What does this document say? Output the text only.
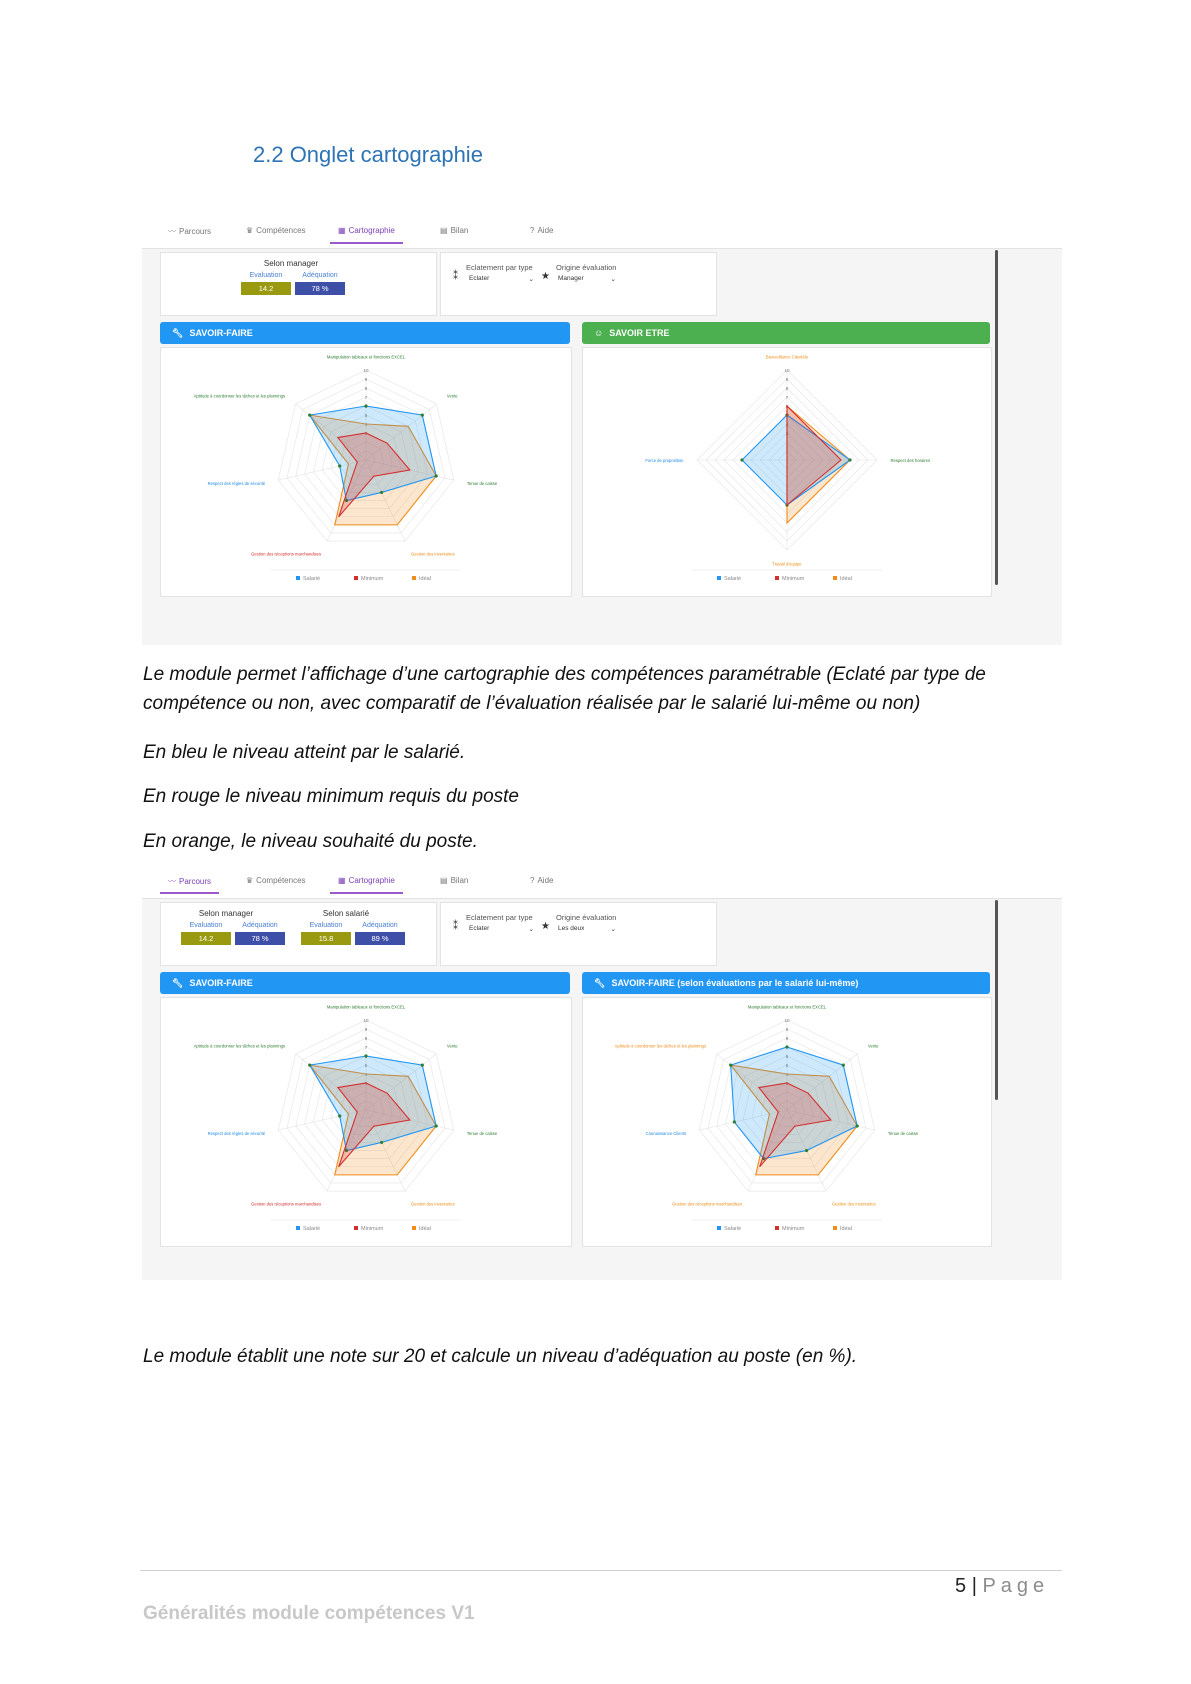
2.2 Onglet cartographie
〰 Parcours	♛ Compétences	▦ Cartographie	▤ Bilan	? Aide
Selon manager
Evaluation	Adéquation
14.2	78 %
Eclatement par type	Origine évaluation
⁑ Eclater	⌄ ★ Manager	⌄
🔧︎ SAVOIR-FAIRE	☺ SAVOIR ETRE
3
4
5
7
8
9
10
Manipulation tableaux et fonctions EXCEL
Vente
Tenue de caisse
Gestion des inventaires
Gestion des réceptions marchandises
Respect des règles de sécurité
Aptitude à coordonner les tâches et les plannings
Salarié	Minimum	Idéal
3
4
6
7
8
9
10
Bienveillance Clientèle
Respect des horaires
Travail d'équipe
Force de proposition
Salarié	Minimum	Idéal
Le module permet l’affichage d’une cartographie des compétences paramétrable (Eclaté par type de compétence ou non, avec comparatif de l’évaluation réalisée par le salarié lui-même ou non)
En bleu le niveau atteint par le salarié.
En rouge le niveau minimum requis du poste
En orange, le niveau souhaité du poste.
〰 Parcours	♛ Compétences	▦ Cartographie	▤ Bilan	? Aide
Selon manager
Evaluation	Adéquation
14.2	78 %
Selon salarié
Evaluation	Adéquation
15.8	89 %
Eclatement par type	Origine évaluation
⁑ Eclater	⌄ ★ Les deux	⌄
🔧︎ SAVOIR-FAIRE	🔧︎ SAVOIR-FAIRE (selon évaluations par le salarié lui-même)
3
4
5
7
8
9
10
Manipulation tableaux et fonctions EXCEL
Vente
Tenue de caisse
Gestion des inventaires
Gestion des réceptions marchandises
Respect des règles de sécurité
Aptitude à coordonner les tâches et les plannings
Salarié	Minimum	Idéal
3
4
5
6
8
9
10
Manipulation tableaux et fonctions EXCEL
Vente
Tenue de caisse
Gestion des inventaires
Gestion des réceptions marchandises
Connaissance Clients
Aptitude à coordonner les tâches et les plannings
Salarié	Minimum	Idéal
Le module établit une note sur 20 et calcule un niveau d’adéquation au poste (en %).
5 | Page
Généralités module compétences V1
